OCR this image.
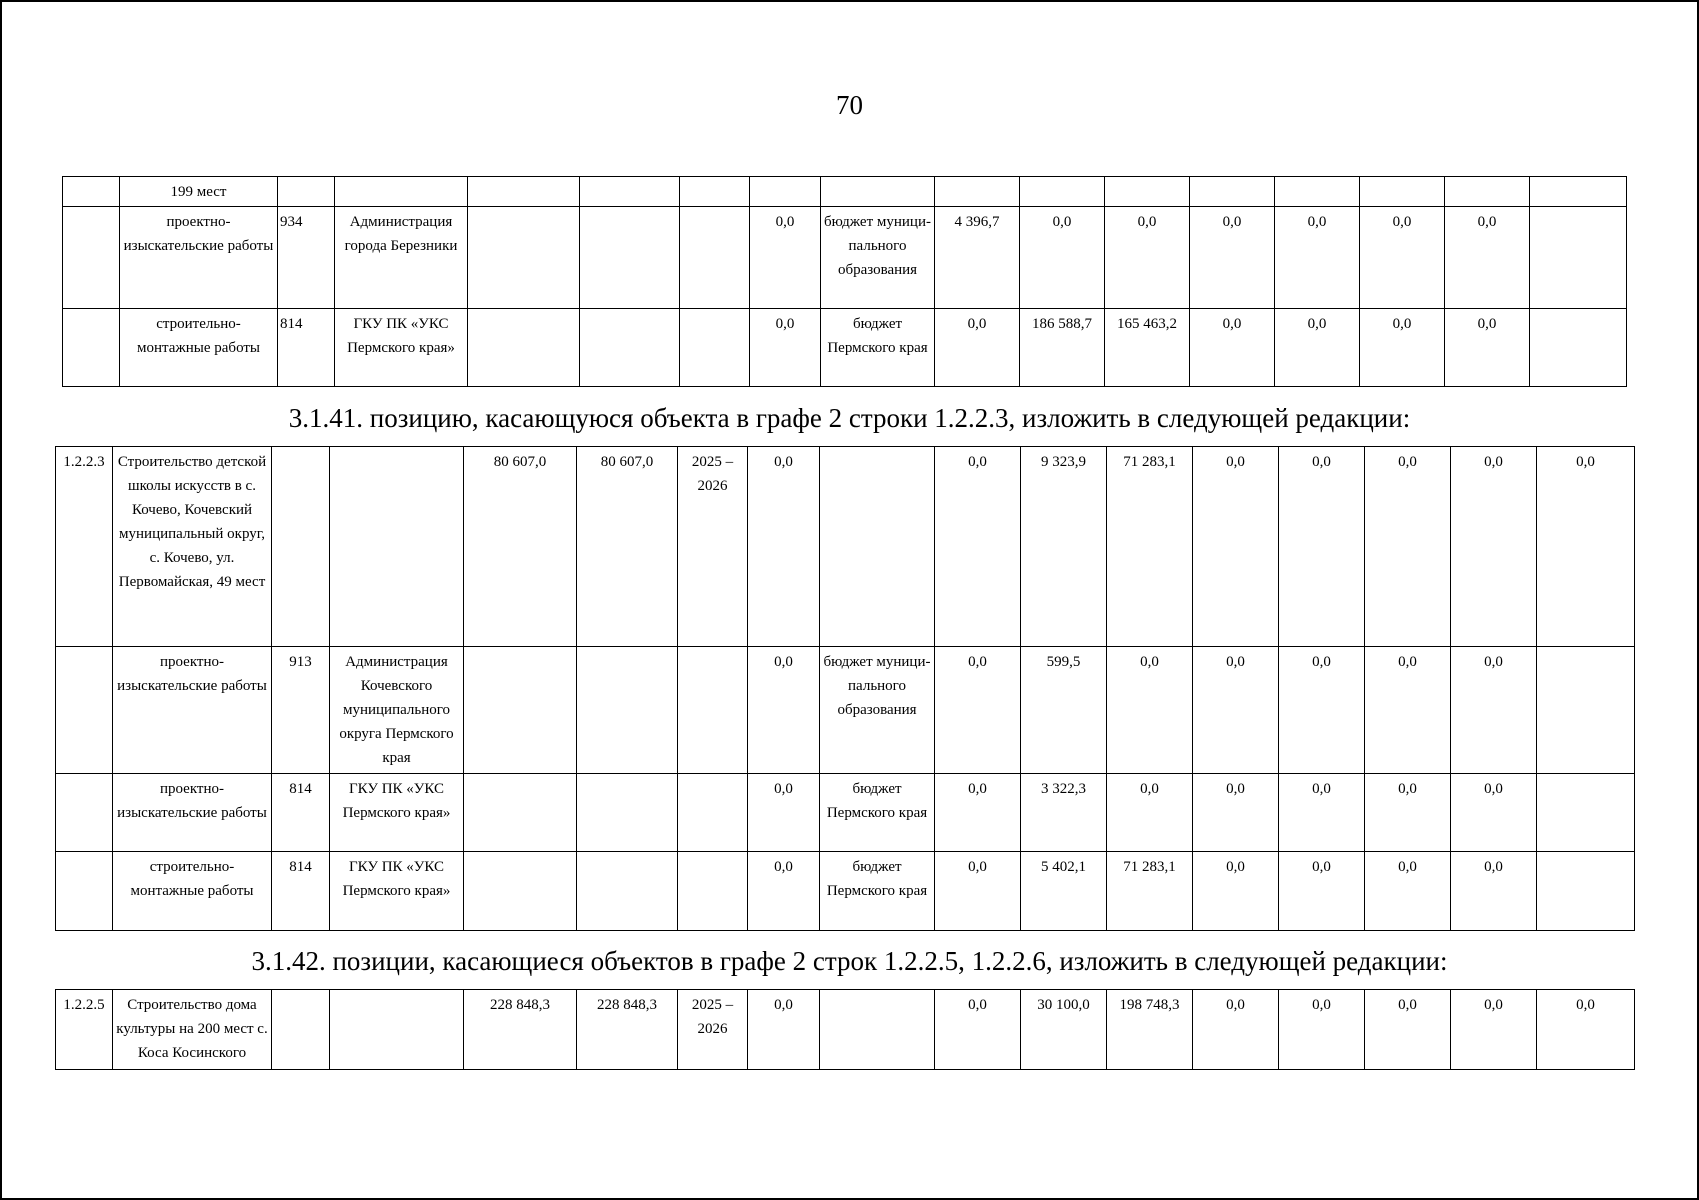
70
	199 мест															
	проектно-изыскательские работы	934	Администрация города Березники				0,0	бюджет муници-пального образования	4 396,7	0,0	0,0	0,0	0,0	0,0	0,0	
	строительно-монтажные работы	814	ГКУ ПК «УКС Пермского края»				0,0	бюджет Пермского края	0,0	186 588,7	165 463,2	0,0	0,0	0,0	0,0	
3.1.41. позицию, касающуюся объекта в графе 2 строки 1.2.2.3, изложить в следующей редакции:
1.2.2.3	Строительство детской школы искусств в с. Кочево, Кочевский муниципальный округ, с. Кочево, ул. Первомайская, 49 мест			80 607,0	80 607,0	2025 – 2026	0,0		0,0	9 323,9	71 283,1	0,0	0,0	0,0	0,0	0,0
	проектно-изыскательские работы	913	Администрация Кочевского муниципального округа Пермского края				0,0	бюджет муници-пального образования	0,0	599,5	0,0	0,0	0,0	0,0	0,0	
	проектно-изыскательские работы	814	ГКУ ПК «УКС Пермского края»				0,0	бюджет Пермского края	0,0	3 322,3	0,0	0,0	0,0	0,0	0,0	
	строительно-монтажные работы	814	ГКУ ПК «УКС Пермского края»				0,0	бюджет Пермского края	0,0	5 402,1	71 283,1	0,0	0,0	0,0	0,0	
3.1.42. позиции, касающиеся объектов в графе 2 строк 1.2.2.5, 1.2.2.6, изложить в следующей редакции:
1.2.2.5	Строительство дома культуры на 200 мест с. Коса Косинского			228 848,3	228 848,3	2025 – 2026	0,0		0,0	30 100,0	198 748,3	0,0	0,0	0,0	0,0	0,0
